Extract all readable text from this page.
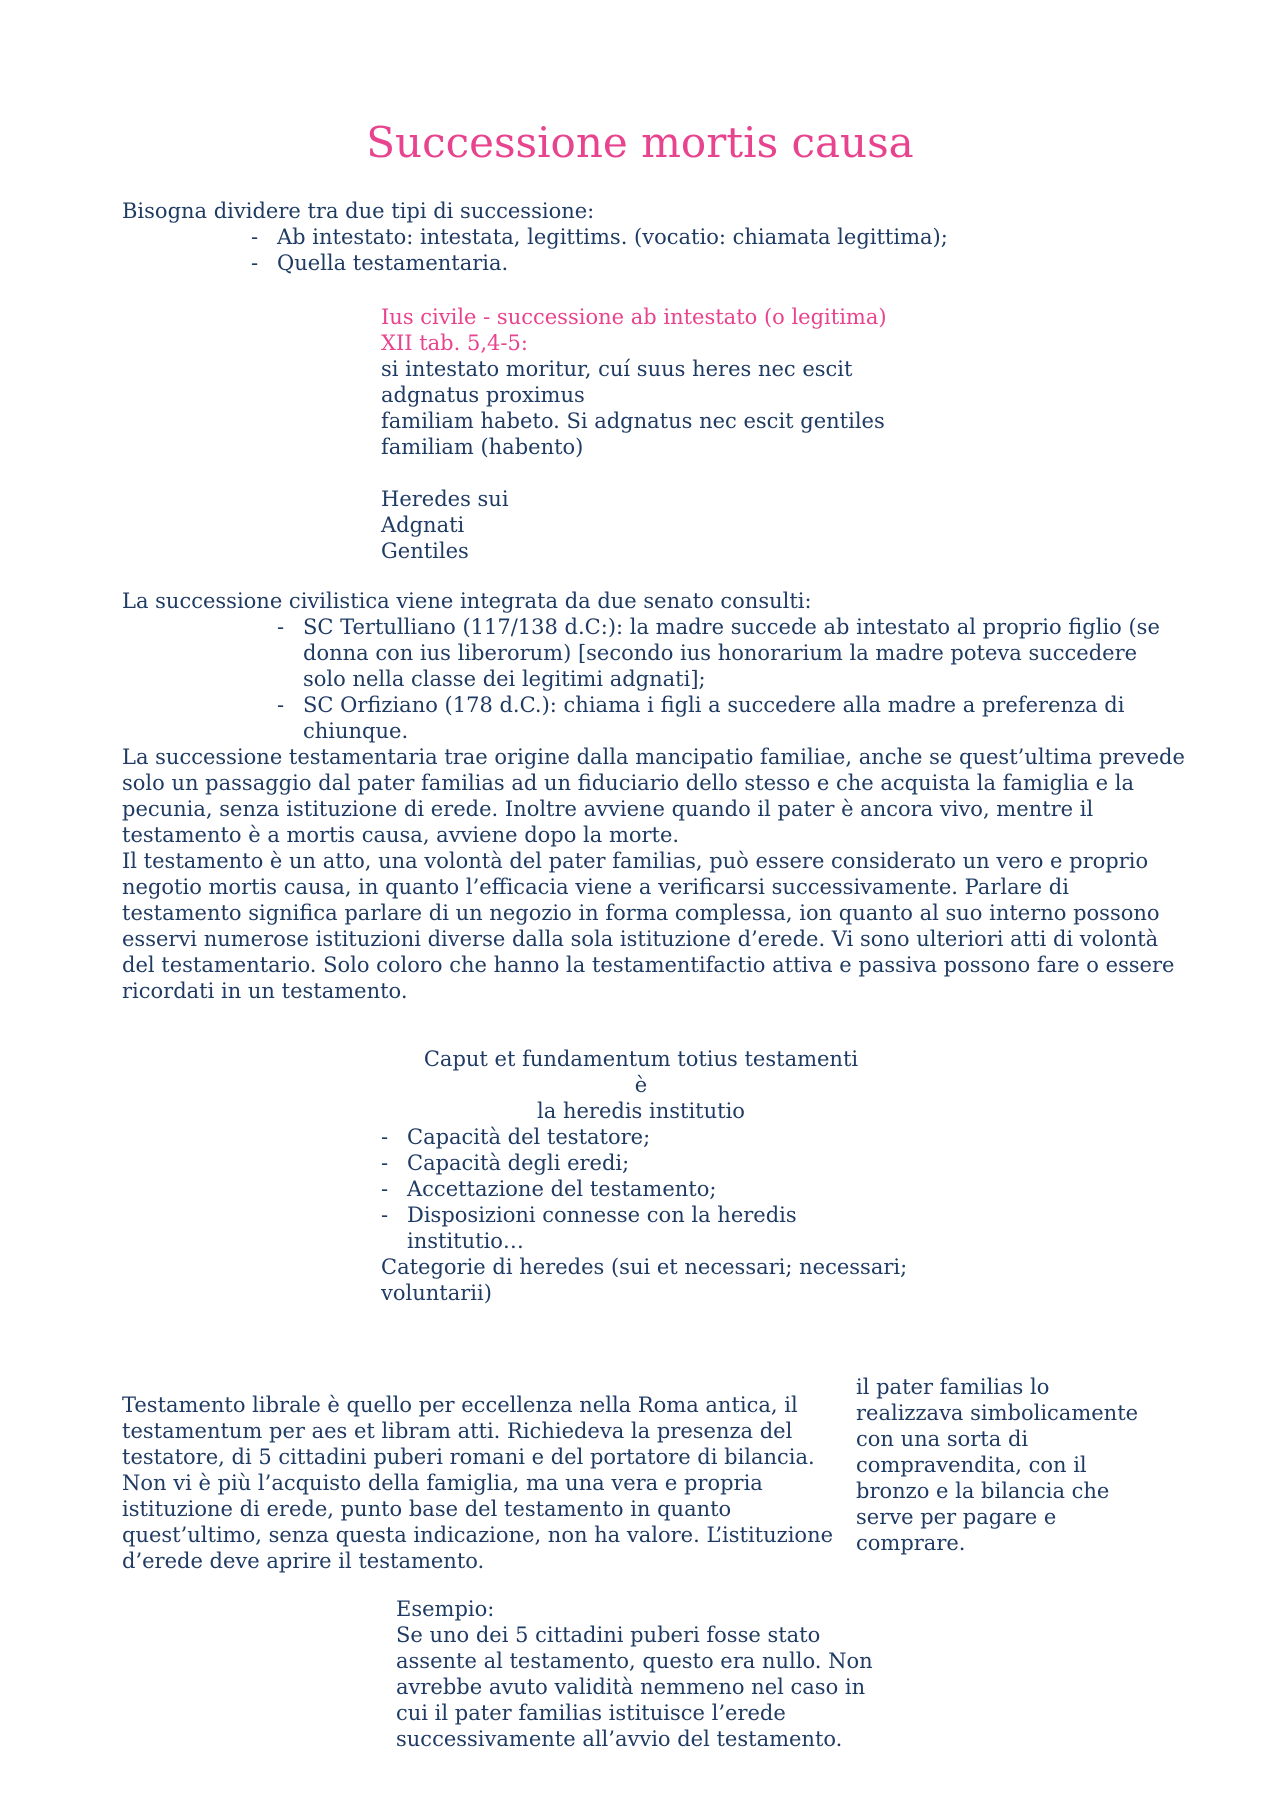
Successione mortis causa
Bisogna dividere tra due tipi di successione:
- Ab intestato: intestata, legittims. (vocatio: chiamata legittima);
- Quella testamentaria.
Ius civile - successione ab intestato (o legitima)
XII tab. 5,4-5:
si intestato moritur, cuí suus heres nec escit
adgnatus proximus
familiam habeto. Si adgnatus nec escit gentiles
familiam (habento)
Heredes sui
Adgnati
Gentiles
La successione civilistica viene integrata da due senato consulti:
- SC Tertulliano (117/138 d.C:): la madre succede ab intestato al proprio figlio (se
donna con ius liberorum) [secondo ius honorarium la madre poteva succedere
solo nella classe dei legitimi adgnati];
- SC Orfiziano (178 d.C.): chiama i figli a succedere alla madre a preferenza di
chiunque.
La successione testamentaria trae origine dalla mancipatio familiae, anche se quest’ultima prevede
solo un passaggio dal pater familias ad un fiduciario dello stesso e che acquista la famiglia e la
pecunia, senza istituzione di erede. Inoltre avviene quando il pater è ancora vivo, mentre il
testamento è a mortis causa, avviene dopo la morte.
Il testamento è un atto, una volontà del pater familias, può essere considerato un vero e proprio
negotio mortis causa, in quanto l’efficacia viene a verificarsi successivamente. Parlare di
testamento significa parlare di un negozio in forma complessa, ion quanto al suo interno possono
esservi numerose istituzioni diverse dalla sola istituzione d’erede. Vi sono ulteriori atti di volontà
del testamentario. Solo coloro che hanno la testamentifactio attiva e passiva possono fare o essere
ricordati in un testamento.
Caput et fundamentum totius testamenti
è
la heredis institutio
- Capacità del testatore;
- Capacità degli eredi;
- Accettazione del testamento;
- Disposizioni connesse con la heredis
institutio…
Categorie di heredes (sui et necessari; necessari;
voluntarii)
Testamento librale è quello per eccellenza nella Roma antica, il
testamentum per aes et libram atti. Richiedeva la presenza del
testatore, di 5 cittadini puberi romani e del portatore di bilancia.
Non vi è più l’acquisto della famiglia, ma una vera e propria
istituzione di erede, punto base del testamento in quanto
quest’ultimo, senza questa indicazione, non ha valore. L’istituzione
d’erede deve aprire il testamento.
il pater familias lo
realizzava simbolicamente
con una sorta di
compravendita, con il
bronzo e la bilancia che
serve per pagare e
comprare.
Esempio:
Se uno dei 5 cittadini puberi fosse stato
assente al testamento, questo era nullo. Non
avrebbe avuto validità nemmeno nel caso in
cui il pater familias istituisce l’erede
successivamente all’avvio del testamento.
